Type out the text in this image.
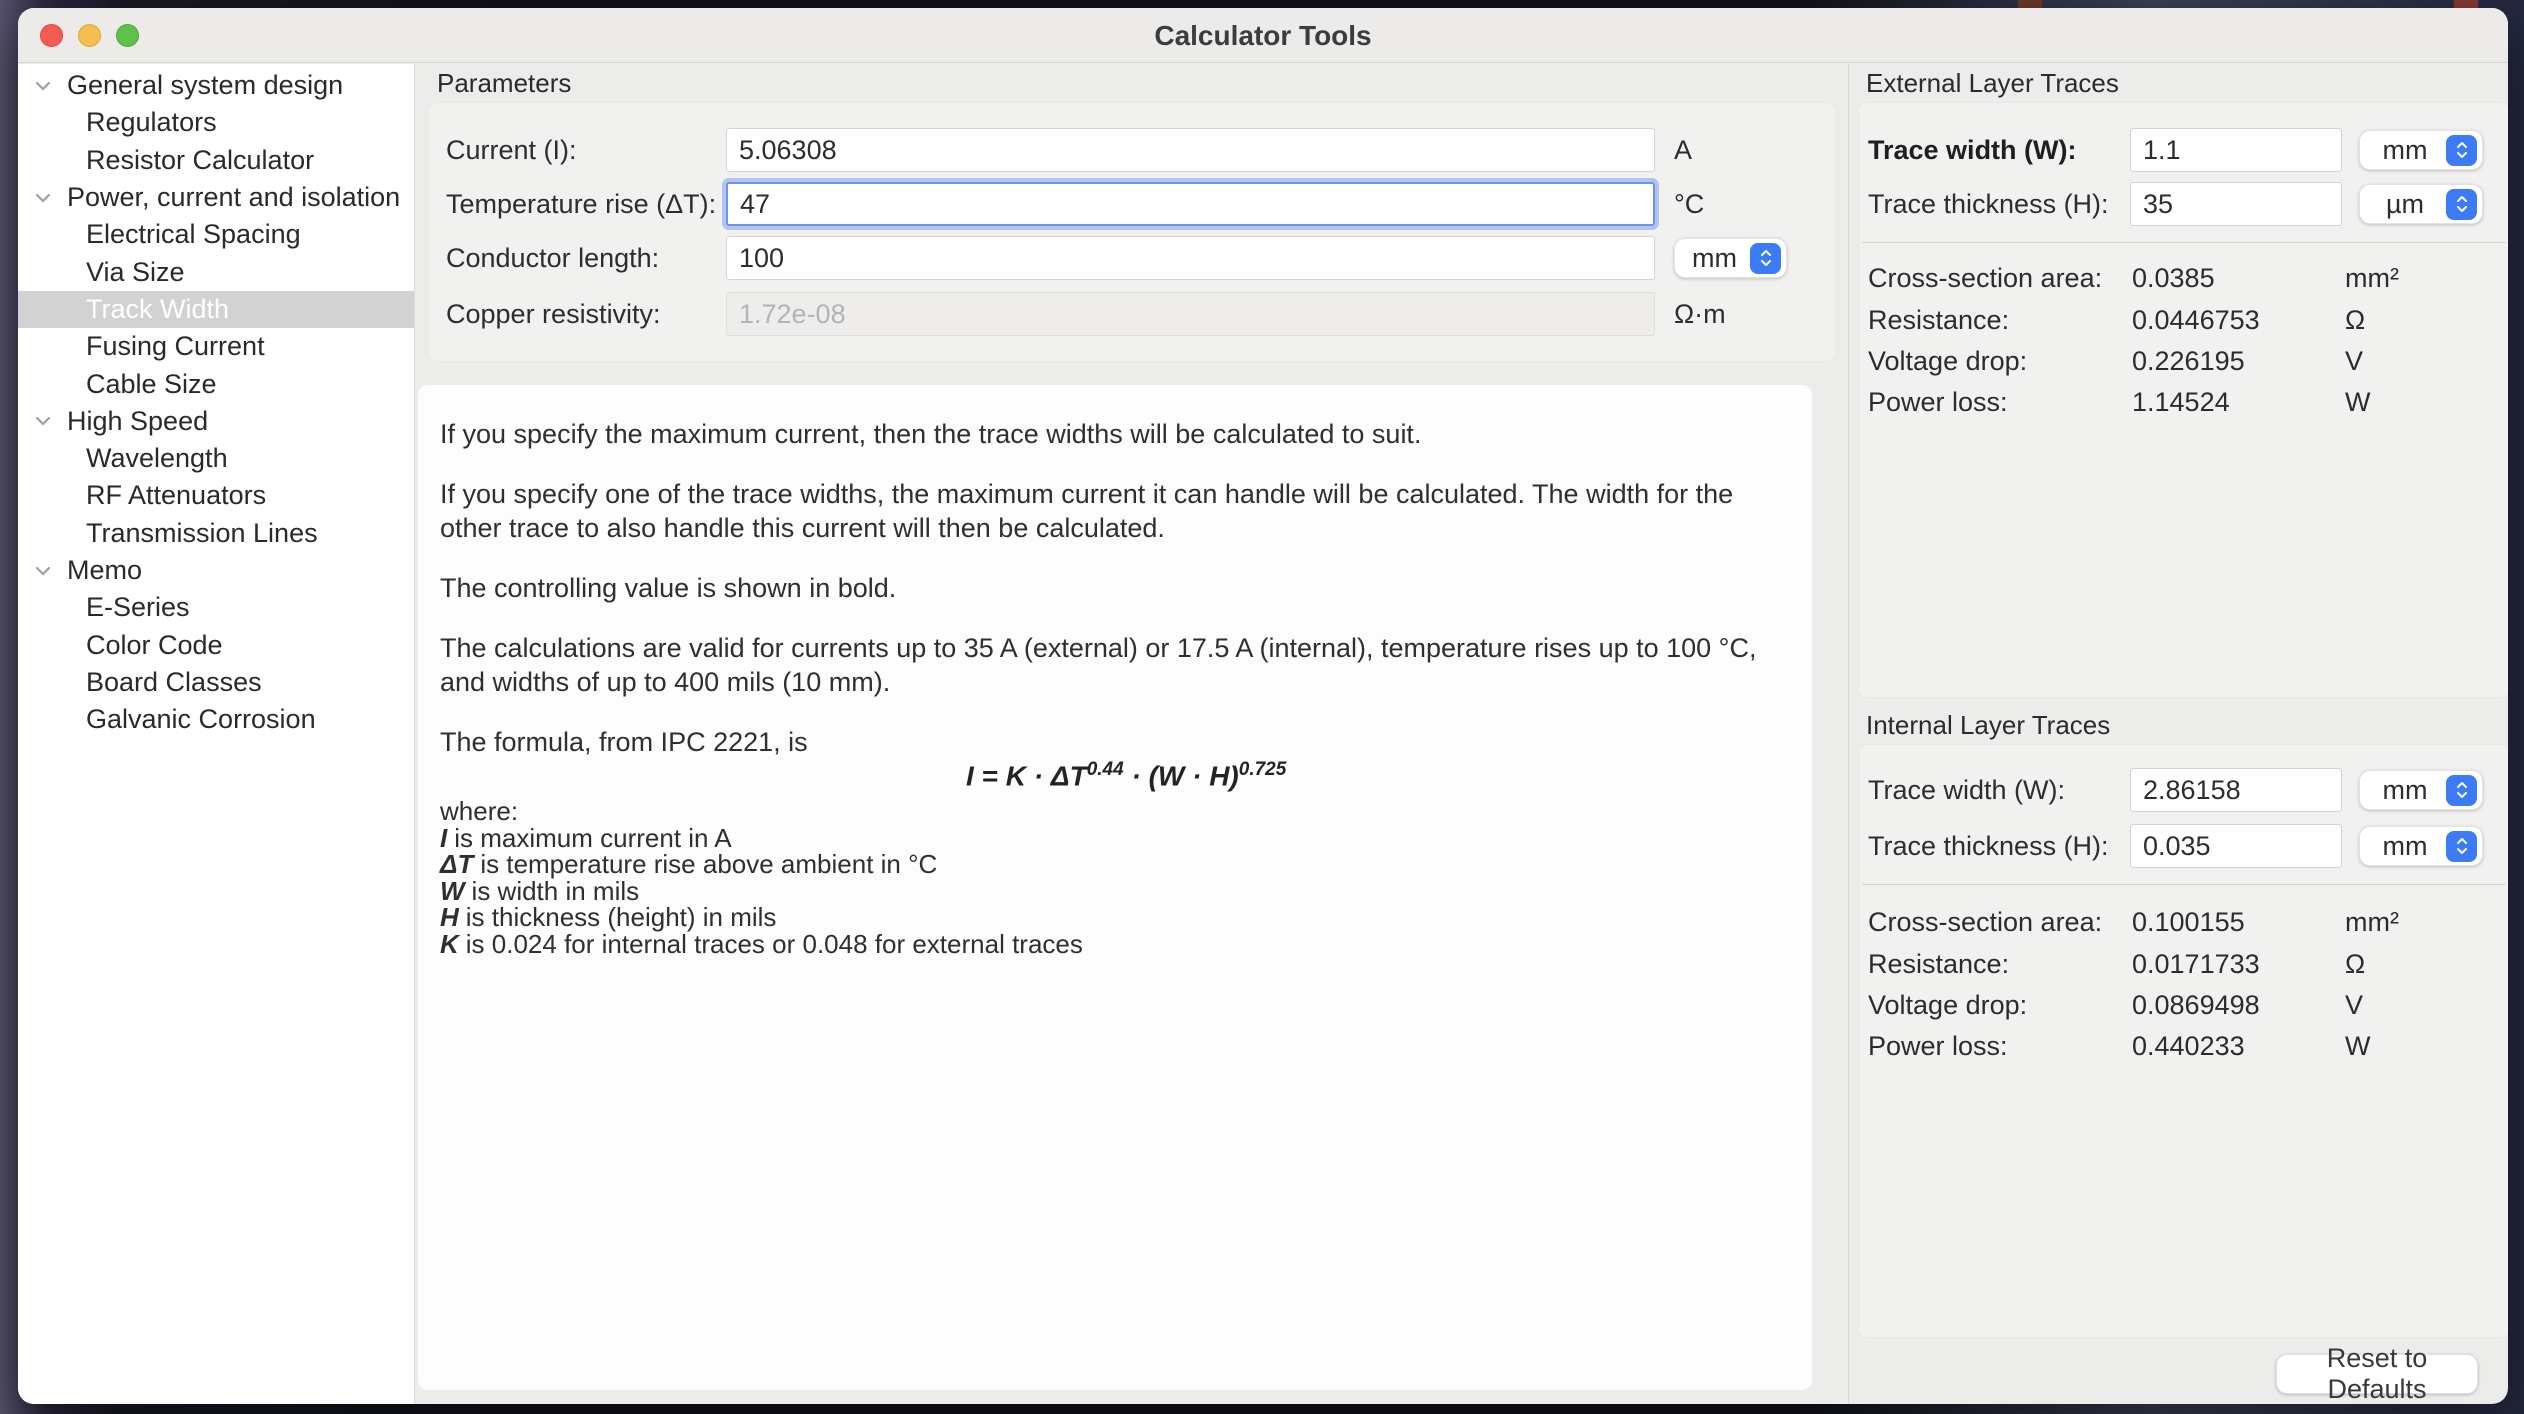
Calculator Tools
General system design
Regulators
Resistor Calculator
Power, current and isolation
Electrical Spacing
Via Size
Track Width
Fusing Current
Cable Size
High Speed
Wavelength
RF Attenuators
Transmission Lines
Memo
E-Series
Color Code
Board Classes
Galvanic Corrosion
Parameters
Current (I):
5.06308	A
Temperature rise (ΔT):
47	°C
Conductor length:
100	mm
Copper resistivity:
1.72e-08	Ω·m

If you specify the maximum current, then the trace widths will be calculated to suit.

If you specify one of the trace widths, the maximum current it can handle will be calculated. The width for the other trace to also handle this current will then be calculated.

The controlling value is shown in bold.

The calculations are valid for currents up to 35 A (external) or 17.5 A (internal), temperature rises up to 100 °C, and widths of up to 400 mils (10 mm).

The formula, from IPC 2221, is

$I = K \cdot \Delta T^{0.44} \cdot (W \cdot H)^{0.725}$
where:
I is maximum current in A
ΔT is temperature rise above ambient in °C
W is width in mils
H is thickness (height) in mils
K is 0.024 for internal traces or 0.048 for external traces
External Layer Traces
Trace width (W):
1.1	mm
Trace thickness (H):
35	µm
Cross-section area:	0.0385	mm²
Resistance:	0.0446753	Ω
Voltage drop:	0.226195	V
Power loss:	1.14524	W
Internal Layer Traces
Trace width (W):
2.86158	mm
Trace thickness (H):
0.035	mm
Cross-section area:	0.100155	mm²
Resistance:	0.0171733	Ω
Voltage drop:	0.0869498	V
Power loss:	0.440233	W
Reset to Defaults
